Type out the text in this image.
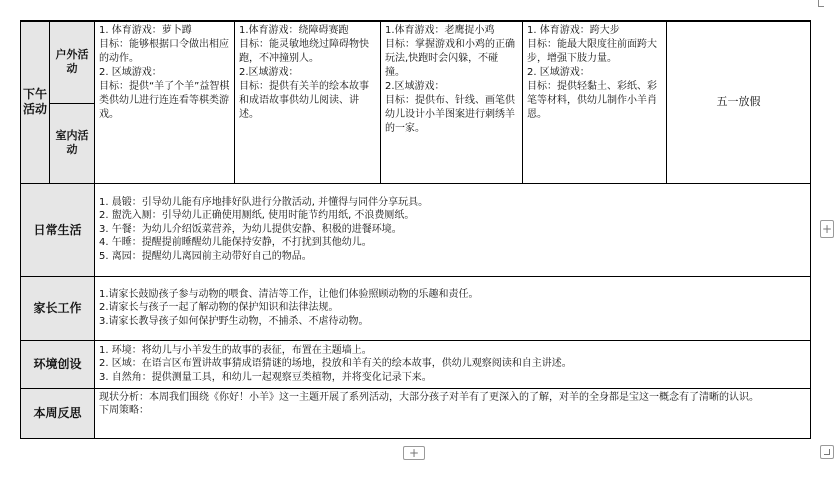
下午活动	户外活动	1. 体育游戏：萝卜蹲
目标：能够根据口令做出相应的动作。
2. 区域游戏：
目标：提供“羊了个羊”益智棋类供幼儿进行连连看等棋类游戏。	1.体育游戏：绕障碍赛跑
目标：能灵敏地绕过障碍物快跑，不冲撞别人。
2.区域游戏：
目标：提供有关羊的绘本故事和成语故事供幼儿阅读、讲述。	1.体育游戏：老鹰捉小鸡
目标：掌握游戏和小鸡的正确玩法,快跑时会闪躲，不碰撞。
2.区域游戏：
目标：提供布、针线、画笔供幼儿设计小羊图案进行刺绣羊的一家。	1. 体育游戏：跨大步
目标：能最大限度往前面跨大步，增强下肢力量。
2. 区域游戏：
目标：提供轻黏土、彩纸、彩笔等材料，供幼儿制作小羊肖恩。	五一放假
	室内活动					
日常生活		1. 晨锻：引导幼儿能有序地排好队进行分散活动, 并懂得与同伴分享玩具。
2. 盥洗入厕：引导幼儿正确使用厕纸, 使用时能节约用纸, 不浪费厕纸。
3. 午餐：为幼儿介绍饭菜营养，为幼儿提供安静、积极的进餐环境。
4. 午睡：提醒提前睡醒幼儿能保持安静，不打扰到其他幼儿。
5. 离园：提醒幼儿离园前主动带好自己的物品。				

家长工作		1.请家长鼓励孩子参与动物的喂食、清洁等工作，让他们体验照顾动物的乐趣和责任。
2.请家长与孩子一起了解动物的保护知识和法律法规。
3.请家长教导孩子如何保护野生动物，不捕杀、不虐待动物。				

环境创设		1. 环境：将幼儿与小羊发生的故事的表征，布置在主题墙上。
2. 区域：在语言区布置讲故事猜成语猜谜的场地，投放和羊有关的绘本故事，供幼儿观察阅读和自主讲述。
3. 自然角：提供测量工具，和幼儿一起观察豆类植物，并将变化记录下来。				

本周反思		现状分析：本周我们围绕《你好！小羊》这一主题开展了系列活动，大部分孩子对羊有了更深入的了解，对羊的全身都是宝这一概念有了清晰的认识。
下周策略：				
+
+
